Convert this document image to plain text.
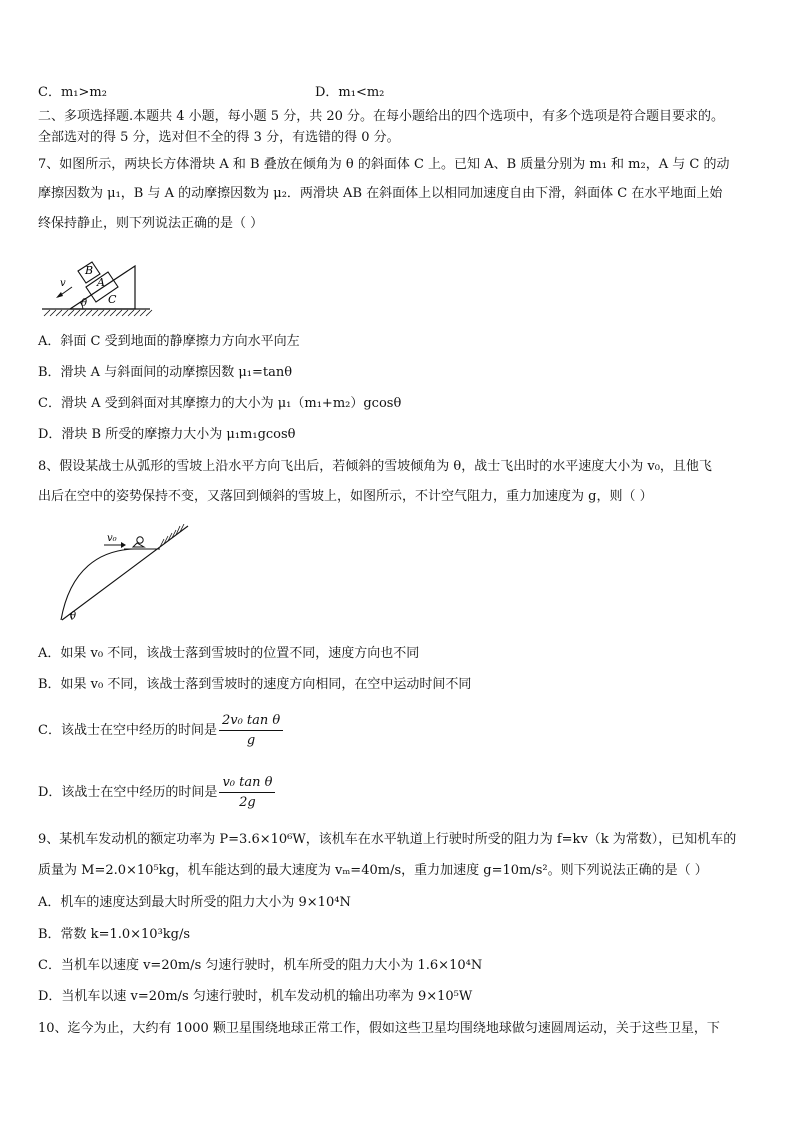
C．m₁>m₂	D．m₁<m₂
二、多项选择题.本题共 4 小题，每小题 5 分，共 20 分。在每小题给出的四个选项中，有多个选项是符合题目要求的。
全部选对的得 5 分，选对但不全的得 3 分，有选错的得 0 分。
7、如图所示，两块长方体滑块 A 和 B 叠放在倾角为 θ 的斜面体 C 上。已知 A、B 质量分别为 m₁ 和 m₂，A 与 C 的动
摩擦因数为 μ₁，B 与 A 的动摩擦因数为 μ₂．两滑块 AB 在斜面体上以相同加速度自由下滑，斜面体 C 在水平地面上始
终保持静止，则下列说法正确的是（ ）
B
A
C
v
θ
A．斜面 C 受到地面的静摩擦力方向水平向左
B．滑块 A 与斜面间的动摩擦因数 μ₁=tanθ
C．滑块 A 受到斜面对其摩擦力的大小为 μ₁（m₁+m₂）gcosθ
D．滑块 B 所受的摩擦力大小为 μ₁m₁gcosθ
8、假设某战士从弧形的雪坡上沿水平方向飞出后，若倾斜的雪坡倾角为 θ，战士飞出时的水平速度大小为 v₀，且他飞
出后在空中的姿势保持不变，又落回到倾斜的雪坡上，如图所示，不计空气阻力，重力加速度为 g，则（ ）
v₀
θ
A．如果 v₀ 不同，该战士落到雪坡时的位置不同，速度方向也不同
B．如果 v₀ 不同，该战士落到雪坡时的速度方向相同，在空中运动时间不同
C．该战士在空中经历的时间是 $\frac{\text{2v₀ tan θ}}{g}$
D．该战士在空中经历的时间是 $\frac{\text{v₀ tan θ}}{2g}$
9、某机车发动机的额定功率为 P=3.6×10⁶W，该机车在水平轨道上行驶时所受的阻力为 f=kv（k 为常数），已知机车的
质量为 M=2.0×10⁵kg，机车能达到的最大速度为 vₘ=40m/s，重力加速度 g=10m/s²。则下列说法正确的是（ ）
A．机车的速度达到最大时所受的阻力大小为 9×10⁴N
B．常数 k=1.0×10³kg/s
C．当机车以速度 v=20m/s 匀速行驶时，机车所受的阻力大小为 1.6×10⁴N
D．当机车以速 v=20m/s 匀速行驶时，机车发动机的输出功率为 9×10⁵W
10、迄今为止，大约有 1000 颗卫星围绕地球正常工作，假如这些卫星均围绕地球做匀速圆周运动，关于这些卫星，下
